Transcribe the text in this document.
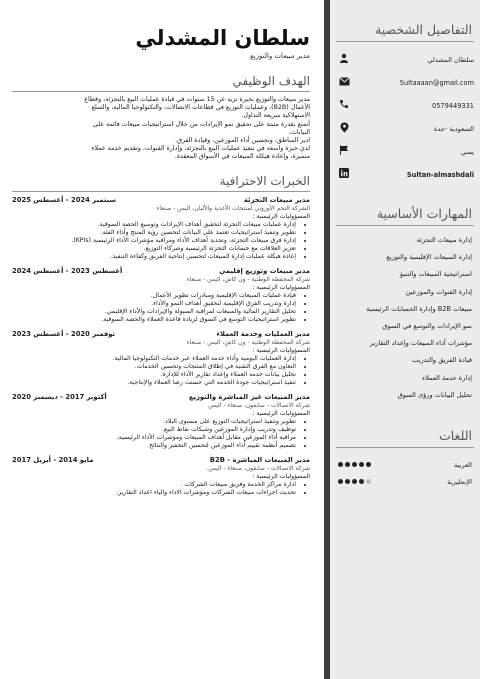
التفاصيل الشخصية
سلطان المشدلي
Sultaaaan@gmail.com
0579449331
السعودية -جدة
يمني
Sultan-almashdali
المهارات الأساسية
إدارة مبيعات التجزئة
إدارة المبيعات الإقليمية والتوزيع
استراتيجية المبيعات والتنبؤ
إدارة القنوات والموزعين
مبيعات B2B وإدارة الحسابات الرئيسية
نمو الإيرادات والتوسع في السوق
مؤشرات أداء المبيعات وإعداد التقارير
قيادة الفريق والتدريب
إدارة خدمة العملاء
تحليل البيانات ورؤى السوق
اللغات
العربية
الإنجليزية
سلطان المشدلي
مدير مبيعات والتوزيع
الهدف الوظيفي

مدير مبيعات والتوزيع بخبرة تزيد عن 15 سنوات في قيادة عمليات البيع بالتجزئة، وقطاع

الأعمال (B2B)، وعمليات التوزيع في قطاعات الاتصالات، والتكنولوجيا المالية، والسلع

الاستهلاكية سريعة التداول.

أتمتع بقدرة مثبتة على تحقيق نمو الإيرادات من خلال استراتيجيات مبيعات قائمة على

البيانات،

ادير المناطق، وتحسين أداء الموزعين، وقيادة الفرق.

لدي خبرة واسعة في تنفيذ عمليات البيع بالتجزئة، وإدارة القنوات، وتقديم خدمة عملاء

متميزة، وإعادة هيكلة المبيعات في الأسواق المعقدة.

الخبرات الاحترافية
مدير مبيعات التجزئة
سبتمبر 2024 - أغسطس 2025
الشركة النجم الأوروبي لمنتجات الأغذية والألبان، اليمن - صنعاء
المسؤوليات الرئيسية :
• إدارة عمليات مبيعات التجزئة لتحقيق أهداف الإيرادات وتوسيع الحصة السوقية.
• تطوير وتنفيذ استراتيجيات تعتمد على البيانات لتحسين رؤية المنتج وأداء الفئة.
• إدارة فرق مبيعات التجزئة، وتحديد أهداف الأداء ومراقبة مؤشرات الأداء الرئيسية (KPIs).
• تعزيز العلاقات مع حسابات التجزئة الرئيسية وشركاء التوزيع.
• إعادة هيكلة عمليات إدارة المبيعات لتحسين إنتاجية الفريق وكفاءة التنفيذ.
مدير مبيعات وتوزيع إقليمي
أغسطس 2023 - أغسطس 2024
شركة المحفظة الوطنية - ون كاش، اليمن - صنعاء
المسؤوليات الرئيسية :
• قيادة عمليات المبيعات الإقليمية ومبادرات تطوير الأعمال.
• إدارة وتدريب الفرق الإقليمية لتحقيق أهداف النمو والأداء.
• تحليل التقارير المالية والمبيعات لمراقبة السيولة والإيرادات والأداء الإقليمي.
• تطوير استراتيجيات التوسع في السوق لزيادة قاعدة العملاء والحصة السوقية.
مدير العمليات وخدمة العملاء
توفمبر 2020 - أغسطس 2023
شركة المحفظة الوطنية - ون كاش، اليمن - صنعاء
المسؤوليات الرئيسية :
• إدارة العمليات اليومية وأداء خدمة العملاء عبر خدمات التكنولوجيا المالية.
• التعاون مع الفرق التقنية في إطلاق المنتجات وتحسين الخدمات.
• تحليل بيانات خدمة العملاء وإعداد تقارير الأداء للإدارة.
• تنفيذ استراتيجيات جودة الخدمة التي حسنت رضا العملاء والإنتاجية.
مدير المبيعات غير المباشرة والتوزيع
أكتوبر 2017 - ديسمبر 2020
شركة الاتصالات - سابفون، صنعاء - اليمن
المسؤوليات الرئيسية :
• تطوير وتنفيذ استراتيجيات التوزيع على مستوى البلاد.
• توظيف وتدريب وإدارة الموزعين وشبكات نقاط البيع.
• مراقبة أداء الموزعين مقابل أهداف المبيعات ومؤشرات الأداء الرئيسية.
• تصميم أنظمة تقييم أداء الموزعين لتحسين التحفيز والنتائج.
مدير المبيعات المباشرة - B2B
مايو 2014 - أبريل 2017
شركة الاتصالات - سابفون، صنعاء - اليمن.
المسؤوليات الرئيسية :
• ادارة مراكز الخدمة وفريق مبيعات الشركات .
• تحديث اجراءات مبيعات الشركات ومؤشرات الاداء والياء اعداد التقارير.
